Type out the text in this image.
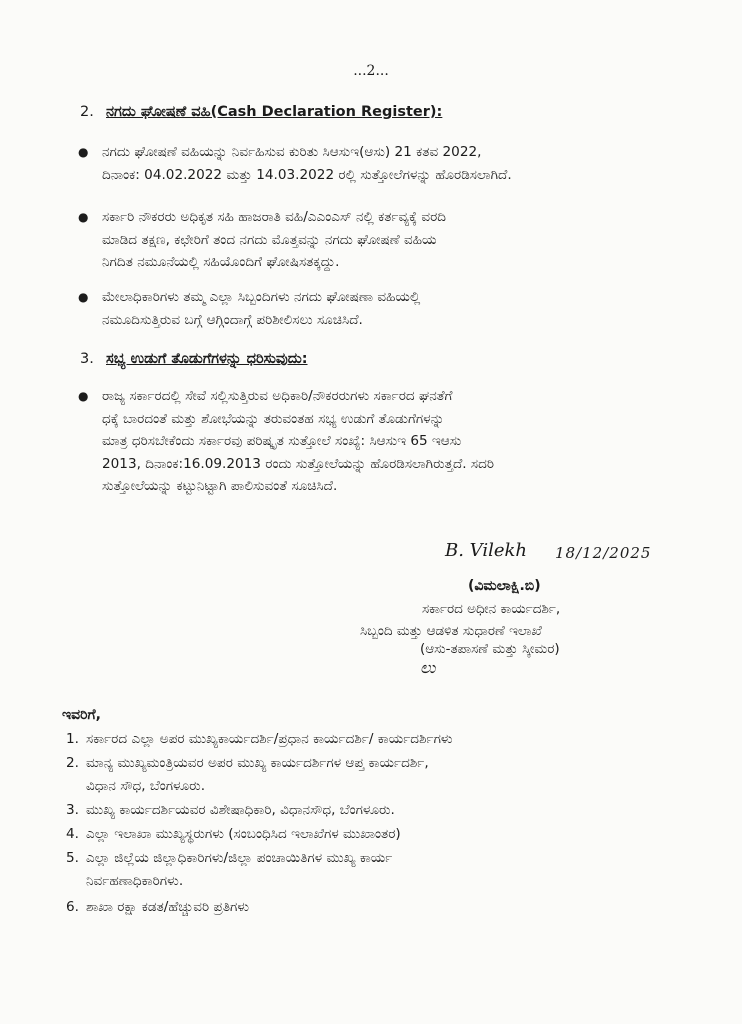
...2...
2. ನಗದು ಘೋಷಣೆ ವಹಿ(Cash Declaration Register):
● ನಗದು ಘೋಷಣೆ ವಹಿಯನ್ನು ನಿರ್ವಹಿಸುವ ಕುರಿತು ಸಿಆಸುಇ(ಆಸು) 21 ಕತವ 2022,
ದಿನಾಂಕ: 04.02.2022 ಮತ್ತು 14.03.2022 ರಲ್ಲಿ ಸುತ್ತೋಲೆಗಳನ್ನು ಹೊರಡಿಸಲಾಗಿದೆ.
● ಸರ್ಕಾರಿ ನೌಕರರು ಅಧಿಕೃತ ಸಹಿ ಹಾಜರಾತಿ ವಹಿ/ಎಎಂಎಸ್ ನಲ್ಲಿ ಕರ್ತವ್ಯಕ್ಕೆ ವರದಿ
ಮಾಡಿದ ತಕ್ಷಣ, ಕಛೇರಿಗೆ ತಂದ ನಗದು ಮೊತ್ತವನ್ನು ನಗದು ಘೋಷಣೆ ವಹಿಯ
ನಿಗದಿತ ನಮೂನೆಯಲ್ಲಿ ಸಹಿಯೊಂದಿಗೆ ಘೋಷಿಸತಕ್ಕದ್ದು.
● ಮೇಲಾಧಿಕಾರಿಗಳು ತಮ್ಮ ಎಲ್ಲಾ ಸಿಬ್ಬಂದಿಗಳು ನಗದು ಘೋಷಣಾ ವಹಿಯಲ್ಲಿ
ನಮೂದಿಸುತ್ತಿರುವ ಬಗ್ಗೆ ಆಗ್ಗಿಂದಾಗ್ಗೆ ಪರಿಶೀಲಿಸಲು ಸೂಚಿಸಿದೆ.
3. ಸಭ್ಯ ಉಡುಗೆ ತೊಡುಗೆಗಳನ್ನು ಧರಿಸುವುದು:
● ರಾಜ್ಯ ಸರ್ಕಾರದಲ್ಲಿ ಸೇವೆ ಸಲ್ಲಿಸುತ್ತಿರುವ ಅಧಿಕಾರಿ/ನೌಕರರುಗಳು ಸರ್ಕಾರದ ಘನತೆಗೆ
ಧಕ್ಕೆ ಬಾರದಂತೆ ಮತ್ತು ಶೋಭೆಯನ್ನು ತರುವಂತಹ ಸಭ್ಯ ಉಡುಗೆ ತೊಡುಗೆಗಳನ್ನು
ಮಾತ್ರ ಧರಿಸಬೇಕೆಂದು ಸರ್ಕಾರವು ಪರಿಷ್ಕೃತ ಸುತ್ತೋಲೆ ಸಂಖ್ಯೆ: ಸಿಆಸುಇ 65 ಇಆಸು
2013, ದಿನಾಂಕ:16.09.2013 ರಂದು ಸುತ್ತೋಲೆಯನ್ನು ಹೊರಡಿಸಲಾಗಿರುತ್ತದೆ. ಸದರಿ
ಸುತ್ತೋಲೆಯನ್ನು ಕಟ್ಟುನಿಟ್ಟಾಗಿ ಪಾಲಿಸುವಂತೆ ಸೂಚಿಸಿದೆ.
B. Vilekh 18/12/2025
(ವಿಮಲಾಕ್ಷಿ.ಬಿ)
ಸರ್ಕಾರದ ಅಧೀನ ಕಾರ್ಯದರ್ಶಿ,
ಸಿಬ್ಬಂದಿ ಮತ್ತು ಆಡಳಿತ ಸುಧಾರಣೆ ಇಲಾಖೆ
(ಆಸು-ತಪಾಸಣೆ ಮತ್ತು ಸ್ಕೀಮರ)
ಲು
ಇವರಿಗೆ,
1. ಸರ್ಕಾರದ ಎಲ್ಲಾ ಅಪರ ಮುಖ್ಯಕಾರ್ಯದರ್ಶಿ/ಪ್ರಧಾನ ಕಾರ್ಯದರ್ಶಿ/ ಕಾರ್ಯದರ್ಶಿಗಳು
2. ಮಾನ್ಯ ಮುಖ್ಯಮಂತ್ರಿಯವರ ಅಪರ ಮುಖ್ಯ ಕಾರ್ಯದರ್ಶಿಗಳ ಆಪ್ತ ಕಾರ್ಯದರ್ಶಿ,
ವಿಧಾನ ಸೌಧ, ಬೆಂಗಳೂರು.
3. ಮುಖ್ಯ ಕಾರ್ಯದರ್ಶಿಯವರ ವಿಶೇಷಾಧಿಕಾರಿ, ವಿಧಾನಸೌಧ, ಬೆಂಗಳೂರು.
4. ಎಲ್ಲಾ ಇಲಾಖಾ ಮುಖ್ಯಸ್ಥರುಗಳು (ಸಂಬಂಧಿಸಿದ ಇಲಾಖೆಗಳ ಮುಖಾಂತರ)
5. ಎಲ್ಲಾ ಜಿಲ್ಲೆಯ ಜಿಲ್ಲಾಧಿಕಾರಿಗಳು/ಜಿಲ್ಲಾ ಪಂಚಾಯಿತಿಗಳ ಮುಖ್ಯ ಕಾರ್ಯ
ನಿರ್ವಹಣಾಧಿಕಾರಿಗಳು.
6. ಶಾಖಾ ರಕ್ಷಾ ಕಡತ/ಹೆಚ್ಚುವರಿ ಪ್ರತಿಗಳು
